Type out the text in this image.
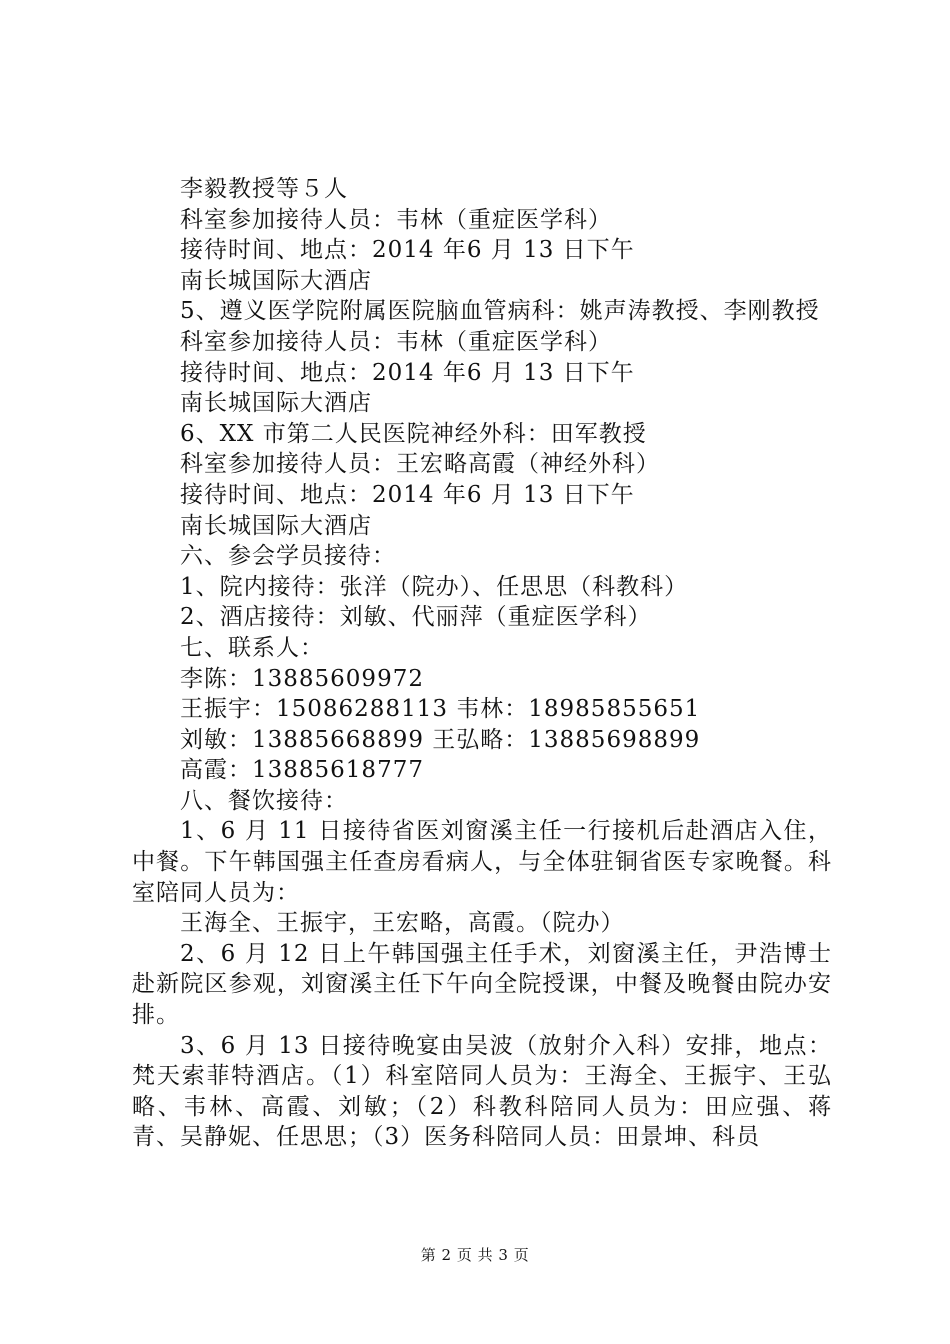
李毅教授等５人
科室参加接待人员：韦林（重症医学科）
接待时间、地点：2014 年6 月 13 日下午
南长城国际大酒店
5、遵义医学院附属医院脑血管病科：姚声涛教授、李刚教授
科室参加接待人员：韦林（重症医学科）
接待时间、地点：2014 年6 月 13 日下午
南长城国际大酒店
6、XX 市第二人民医院神经外科：田军教授
科室参加接待人员：王宏略高霞（神经外科）
接待时间、地点：2014 年6 月 13 日下午
南长城国际大酒店
六、参会学员接待：
1、院内接待：张洋（院办）、任思思（科教科）
2、酒店接待：刘敏、代丽萍（重症医学科）
七、联系人：
李陈：13885609972
王振宇：15086288113 韦林：18985855651
刘敏：13885668899 王弘略：13885698899
高霞：13885618777
八、餐饮接待：
1、6 月 11 日接待省医刘窗溪主任一行接机后赴酒店入住，中餐。下午韩国强主任查房看病人，与全体驻铜省医专家晚餐。科室陪同人员为：
王海全、王振宇，王宏略，高霞。（院办）
2、6 月 12 日上午韩国强主任手术，刘窗溪主任，尹浩博士赴新院区参观，刘窗溪主任下午向全院授课，中餐及晚餐由院办安排。
3、6 月 13 日接待晚宴由吴波（放射介入科）安排，地点：梵天索菲特酒店。（1）科室陪同人员为：王海全、王振宇、王弘略、韦林、高霞、刘敏；（2）科教科陪同人员为：田应强、蒋青、吴静妮、任思思；（3）医务科陪同人员：田景坤、科员
第 2 页 共 3 页
